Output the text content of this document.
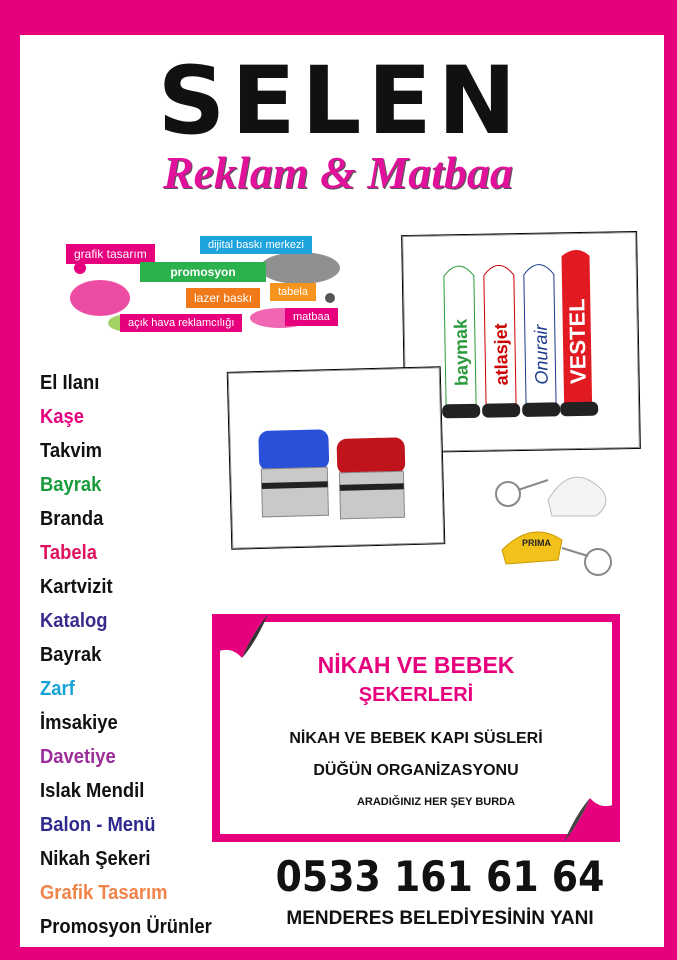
SELEN
Reklam & Matbaa
grafik tasarım
dijital baskı merkezi
promosyon
lazer baskı	tabela
açık hava reklamcılığı	matbaa
baymak atlasjet Onurair VESTEL
PRIMA
El Ilanı
Kaşe
Takvim
Bayrak
Branda
Tabela
Kartvizit
Katalog
Bayrak
Zarf
İmsakiye
Davetiye
Islak Mendil
Balon - Menü
Nikah Şekeri
Grafik Tasarım
Promosyon Ürünler
NİKAH VE BEBEK
ŞEKERLERİ
NİKAH VE BEBEK KAPI SÜSLERİ
DÜĞÜN ORGANİZASYONU
ARADIĞINIZ HER ŞEY BURDA
0533 161 61 64
MENDERES BELEDİYESİNİN YANI
